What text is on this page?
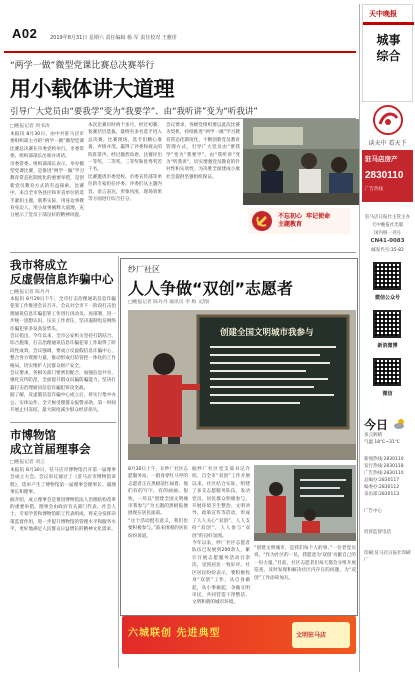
A02	2019年8月31日 星期六 责任编辑 杨 军 责任校对 王雅彤
“两学一做”微型党课比赛总决赛举行
用小载体讲大道理
引导广大党员由“要我学”变为“我要学”、由“我听讲”变为“听我讲”
□晚报记者 周书涛

本报讯 8月30日，由中共驻马店市委组织部主办的“两学一做”微型党课比赛总决赛在市委党校举行。市委常委、组织部部长出席并讲话。

市委常委、组织部部长表示，举办微型党课比赛，是推进“两学一做”学习教育常态化制度化的重要举措，是创新党员教育方式的有益探索。比赛中，来自全市各县区和市直单位的选手紧扣主题，联系实际，用身边事教育身边人，用小故事阐释大道理，充分展示了党员干部良好的精神风貌。

本次比赛历时两个多月，经过初赛、复赛层层选拔，最终有多名选手进入总决赛。比赛现场，选手们精心准备，声情并茂，赢得了评委和观众的阵阵掌声。经过激烈角逐，比赛评出一等奖、二等奖、三等奖和优秀奖若干名。

比赛邀请市委党校、市委宣传部等单位的专家担任评委。评委们从主题内容、语言表达、形象风度、现场效果等方面进行综合打分。

会议要求，各级党组织要以此次比赛为契机，持续推进“两学一做”学习教育常态化制度化，不断创新党员教育管理方式，引导广大党员由“要我学”变为“我要学”、由“我听讲”变为“听我讲”，切实增强党员教育的针对性和实效性，为决胜全面建成小康社会提供坚强组织保证。

不忘初心  牢记使命
主题教育
我市将成立
反虚假信息诈骗中心
□晚报记者 陈丹丹

本报讯 8月29日下午，全市打击治理通讯信息诈骗犯罪工作推进会议召开。会议对全市下一阶段打击治理通讯信息诈骗犯罪工作进行再动员、再部署，进一步统一思想认识，压实工作责任，坚决遏制电信网络诈骗犯罪多发高发势头。

会议指出，今年以来，全市公安机关坚持打防结合、综合施策，打击治理通讯信息诈骗犯罪工作取得了阶段性成效。会议强调，要成立反虚假信息诈骗中心，整合各方资源力量，推动形成打防管控一体化的工作格局，切实维护人民群众财产安全。

会议要求，各相关部门要密切配合，加强信息共享，强化宣传防范，全面提升群众识骗防骗能力，坚决打赢打击治理通讯信息诈骗犯罪攻坚战。

据了解，反虚假信息诈骗中心成立后，将实行集中办公、实体运作，全天候受理群众报警求助，第一时间开展止付冻结，最大限度减少群众经济损失。

市博物馆
成立首届理事会
□晚报记者 刘云

本报讯 8月30日，驻马店市博物馆召开第一届理事会成立大会。会议审议通过了《驻马店市博物馆章程》，选举产生了博物馆第一届理事会理事长、副理事长和理事。

据介绍，成立理事会是推进博物馆法人治理结构改革的重要举措。理事会由政府有关部门代表、社会人士、专家学者和博物馆职工代表组成，将充分发挥决策监督作用，进一步提升博物馆的管理水平和服务水平，更好地满足人民群众日益增长的精神文化需求。

纱厂社区
人人争做“双创”志愿者
□晚报记者 陈丹丹 通讯员 李 梅 文/图
创建全国文明城市我参与

8月30日上午，在纱厂社区志愿服务站，一群身穿红马甲的志愿者正在黑板前忙碌着。他们有的写字，有的画画，很快，一块以“创建全国文明城市我参与”为主题的黑板报便展现在居民面前。

“这个活动挺有意义，我们也要积极参与。”前来围观的居民纷纷说道。

据纱厂社区党支部书记介绍，自全市“双创”工作开展以来，社区结合实际，组建了多支志愿服务队伍，发动党员、居民群众积极参与，开展环境卫生整治、文明劝导、政策宣传等活动，形成了人人关心“双创”、人人支持“双创”、人人参与“双创”的良好氛围。

今年以来，纱厂社区志愿者队伍已发展到200余人，累计开展志愿服务活动百余次，受到居民一致好评。社区居民纷纷表示，要积极投身“双创”工作，从自身做起，从小事做起，争做文明市民，共同营造干净整洁、文明和谐的城市环境。

“创建文明城市，是我们每个人的事。”一位老党员说，“作为社区的一员，我愿意为‘双创’贡献自己的一份力量。”目前，社区志愿者们每天都会分组开展巡查，及时发现和解决社区内存在的问题，为“双创”工作添砖加瓦。

六城联创 先进典型	文明驻马店
天中晚报
城事
综合
读天中 看天下
驻马店房产
2830110
广告热线
驻马店日报社主管主办
天中晚报社出版
国内统一刊号
CN41-0083
邮发代号:35-82
微信公众号
新浪微博
微信
今日
多云转晴
气温 18℃~31℃
新闻热线:2830110
发行热线:2830118
广告热线:2830110
总编办:2830117
编委办:2830112
采访部:2830113
广告中心
投诉监督电话
印刷:驻马店日报社印刷厂
